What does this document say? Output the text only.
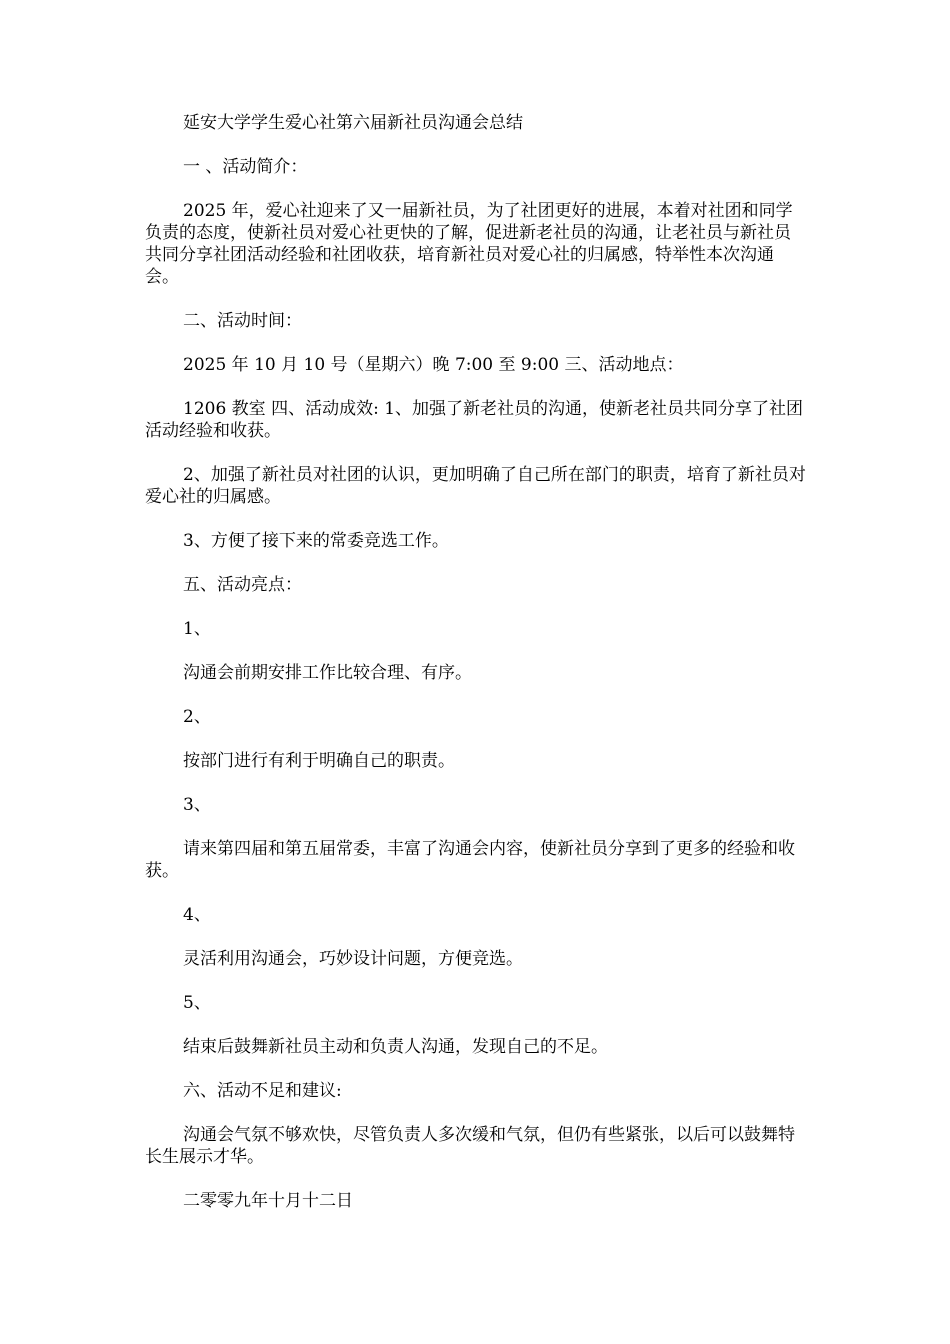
延安大学学生爱心社第六届新社员沟通会总结

一 、活动简介：

2025 年，爱心社迎来了又一届新社员，为了社团更好的进展，本着对社团和同学负责的态度，使新社员对爱心社更快的了解，促进新老社员的沟通，让老社员与新社员共同分享社团活动经验和社团收获，培育新社员对爱心社的归属感，特举性本次沟通会。

二、活动时间：

2025 年 10 月 10 号（星期六）晚 7:00 至 9:00 三、活动地点：

1206 教室 四、活动成效: 1、加强了新老社员的沟通，使新老社员共同分享了社团活动经验和收获。

2、加强了新社员对社团的认识，更加明确了自己所在部门的职责，培育了新社员对爱心社的归属感。

3、方便了接下来的常委竞选工作。

五、活动亮点：

1、

沟通会前期安排工作比较合理、有序。

2、

按部门进行有利于明确自己的职责。

3、

请来第四届和第五届常委，丰富了沟通会内容，使新社员分享到了更多的经验和收获。

4、

灵活利用沟通会，巧妙设计问题，方便竞选。

5、

结束后鼓舞新社员主动和负责人沟通，发现自己的不足。

六、活动不足和建议:

沟通会气氛不够欢快，尽管负责人多次缓和气氛，但仍有些紧张，以后可以鼓舞特长生展示才华。

二零零九年十月十二日
